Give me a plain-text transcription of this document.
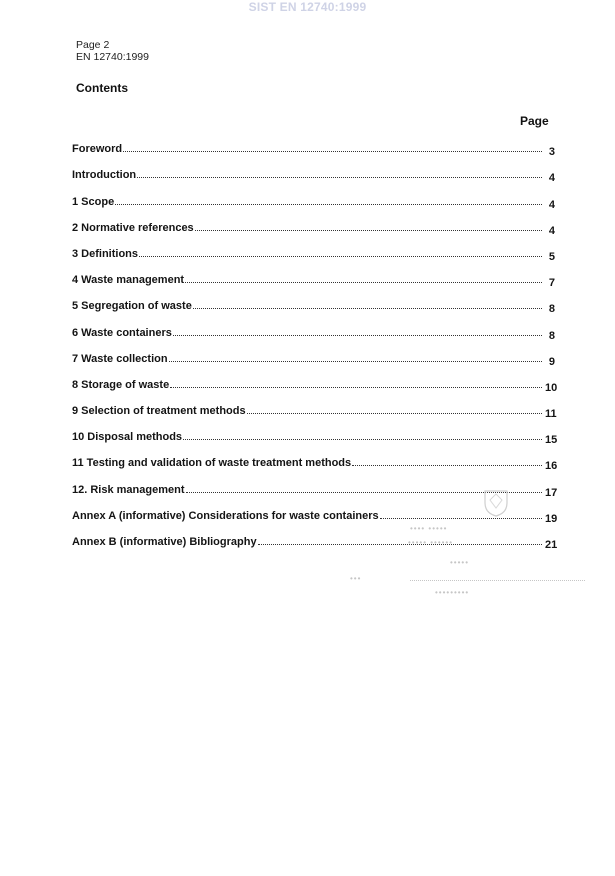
SIST EN 12740:1999
Page 2
EN 12740:1999
Contents
Page
Foreword	3
Introduction	4
1 Scope	4
2 Normative references	4
3 Definitions	5
4 Waste management	7
5 Segregation of waste	8
6 Waste containers	8
7 Waste collection	9
8 Storage of waste	10
9 Selection of treatment methods	11
10 Disposal methods	15
11 Testing and validation of waste treatment methods	16
12. Risk management	17
Annex A (informative) Considerations for waste containers	19
Annex B (informative) Bibliography	21
•••• •••••
••••• ••••••
•••••
•••
•••••••••
